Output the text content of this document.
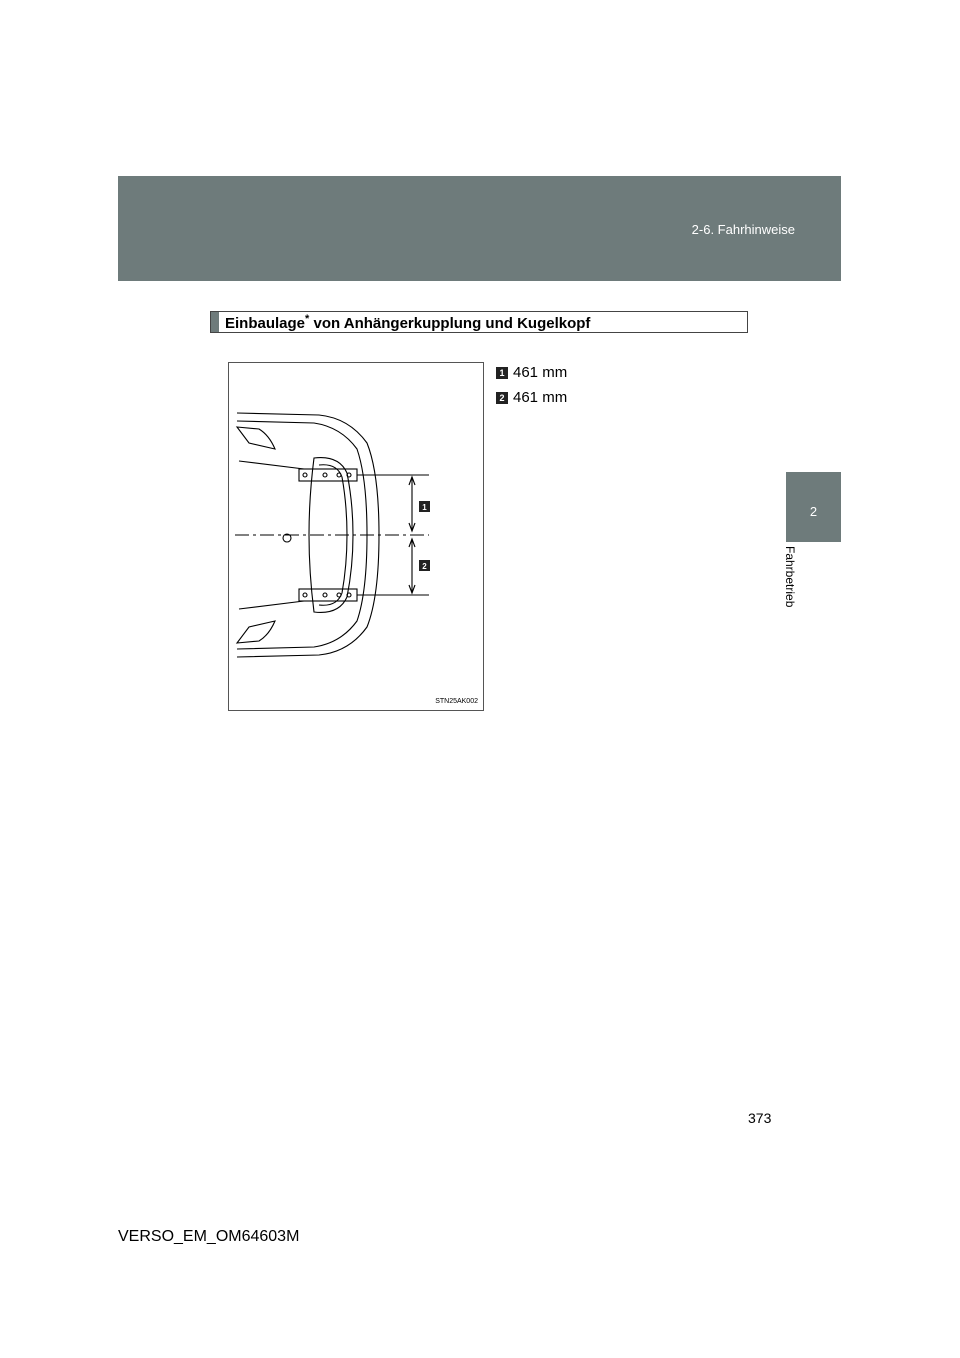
2-6. Fahrhinweise
2
Fahrbetrieb
Einbaulage* von Anhängerkupplung und Kugelkopf
1
2
STN25AK002
1 461 mm
2 461 mm
373
VERSO_EM_OM64603M
